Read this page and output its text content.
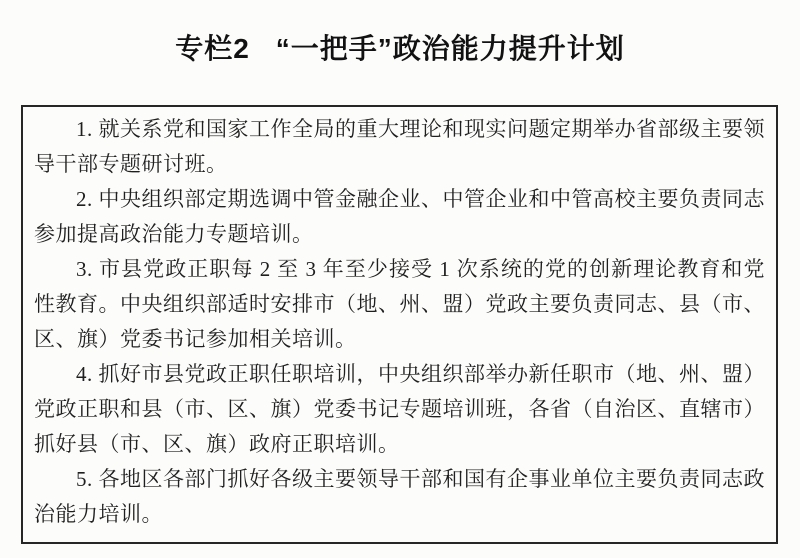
专栏2 “一把手”政治能力提升计划

1. 就关系党和国家工作全局的重大理论和现实问题定期举办省部级主要领导干部专题研讨班。

2. 中央组织部定期选调中管金融企业、中管企业和中管高校主要负责同志参加提高政治能力专题培训。

3. 市县党政正职每 2 至 3 年至少接受 1 次系统的党的创新理论教育和党性教育。中央组织部适时安排市（地、州、盟）党政主要负责同志、县（市、区、旗）党委书记参加相关培训。

4. 抓好市县党政正职任职培训，中央组织部举办新任职市（地、州、盟）党政正职和县（市、区、旗）党委书记专题培训班，各省（自治区、直辖市）抓好县（市、区、旗）政府正职培训。

5. 各地区各部门抓好各级主要领导干部和国有企事业单位主要负责同志政治能力培训。
